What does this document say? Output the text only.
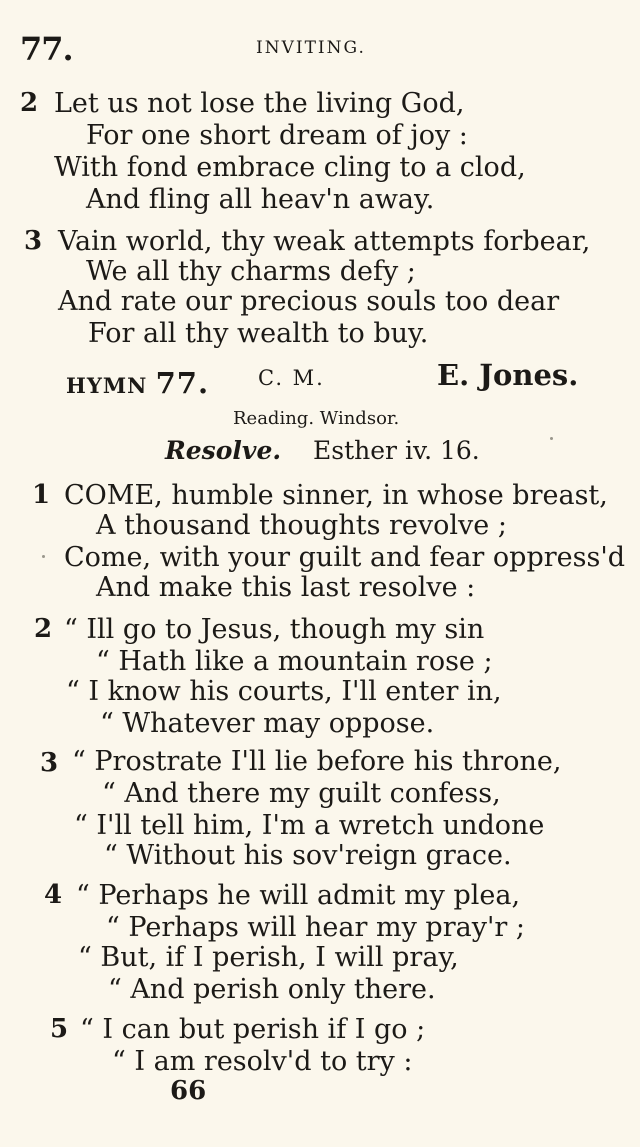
77.	INVITING.
2 Let us not lose the living God,
For one short dream of joy :
With fond embrace cling to a clod,
And fling all heav'n away.
3 Vain world, thy weak attempts forbear,
We all thy charms defy ;
And rate our precious souls too dear
For all thy wealth to buy.
HYMN 77. C. M.	E. Jones.
Reading. Windsor.
Resolve. Esther iv. 16.
1 COME, humble sinner, in whose breast,
A thousand thoughts revolve ;
Come, with your guilt and fear oppress'd
And make this last resolve :
2 “ Ill go to Jesus, though my sin
“ Hath like a mountain rose ;
“ I know his courts, I'll enter in,
“ Whatever may oppose.
3 “ Prostrate I'll lie before his throne,
“ And there my guilt confess,
“ I'll tell him, I'm a wretch undone
“ Without his sov'reign grace.
4 “ Perhaps he will admit my plea,
“ Perhaps will hear my pray'r ;
“ But, if I perish, I will pray,
“ And perish only there.
5 “ I can but perish if I go ;
“ I am resolv'd to try :
66
